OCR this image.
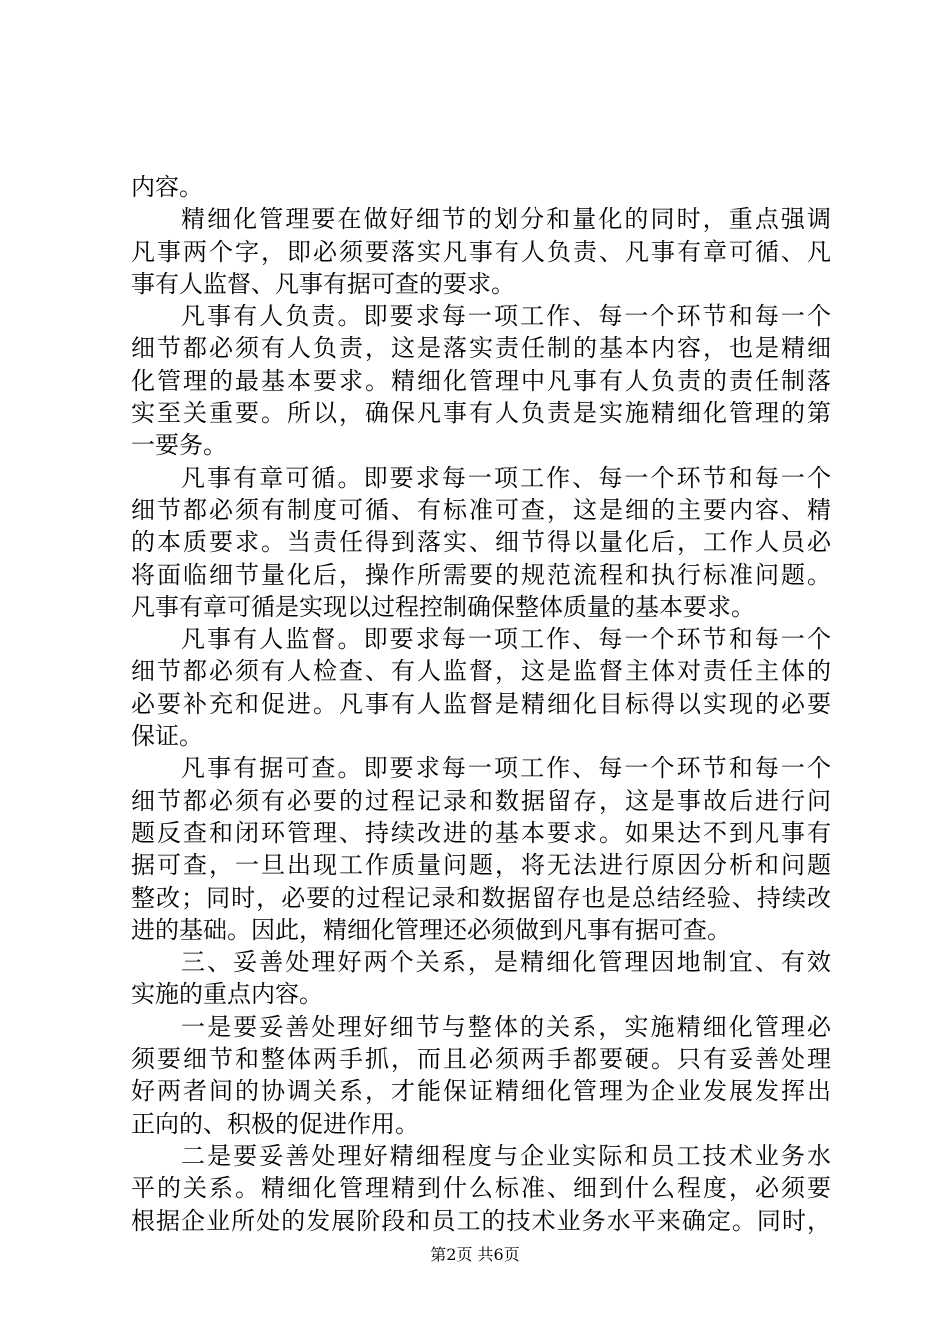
内容。
精细化管理要在做好细节的划分和量化的同时，重点强调
凡事两个字，即必须要落实凡事有人负责、凡事有章可循、凡
事有人监督、凡事有据可查的要求。
凡事有人负责。即要求每一项工作、每一个环节和每一个
细节都必须有人负责，这是落实责任制的基本内容，也是精细
化管理的最基本要求。精细化管理中凡事有人负责的责任制落
实至关重要。所以，确保凡事有人负责是实施精细化管理的第
一要务。
凡事有章可循。即要求每一项工作、每一个环节和每一个
细节都必须有制度可循、有标准可查，这是细的主要内容、精
的本质要求。当责任得到落实、细节得以量化后，工作人员必
将面临细节量化后，操作所需要的规范流程和执行标准问题。
凡事有章可循是实现以过程控制确保整体质量的基本要求。
凡事有人监督。即要求每一项工作、每一个环节和每一个
细节都必须有人检查、有人监督，这是监督主体对责任主体的
必要补充和促进。凡事有人监督是精细化目标得以实现的必要
保证。
凡事有据可查。即要求每一项工作、每一个环节和每一个
细节都必须有必要的过程记录和数据留存，这是事故后进行问
题反查和闭环管理、持续改进的基本要求。如果达不到凡事有
据可查，一旦出现工作质量问题，将无法进行原因分析和问题
整改；同时，必要的过程记录和数据留存也是总结经验、持续改
进的基础。因此，精细化管理还必须做到凡事有据可查。
三、妥善处理好两个关系，是精细化管理因地制宜、有效
实施的重点内容。
一是要妥善处理好细节与整体的关系，实施精细化管理必
须要细节和整体两手抓，而且必须两手都要硬。只有妥善处理
好两者间的协调关系，才能保证精细化管理为企业发展发挥出
正向的、积极的促进作用。
二是要妥善处理好精细程度与企业实际和员工技术业务水
平的关系。精细化管理精到什么标准、细到什么程度，必须要
根据企业所处的发展阶段和员工的技术业务水平来确定。同时，
第2页 共6页
